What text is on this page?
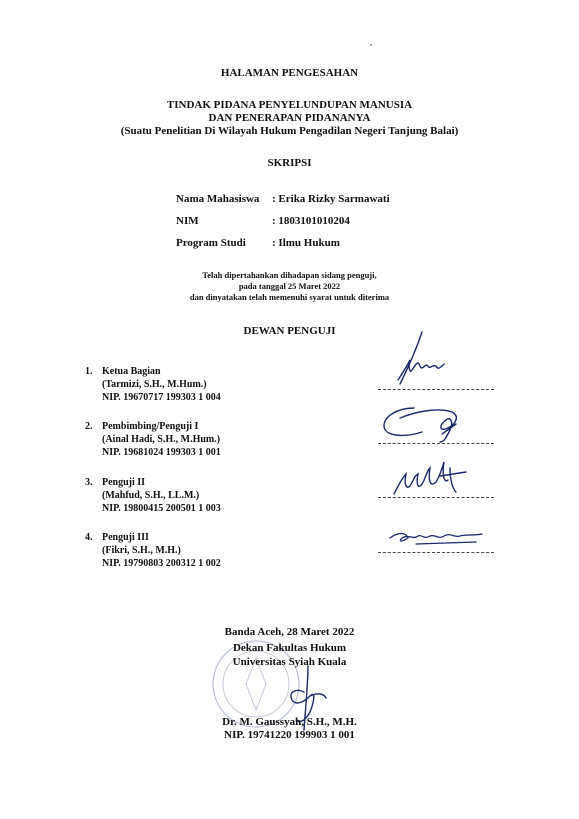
HALAMAN PENGESAHAN
TINDAK PIDANA PENYELUNDUPAN MANUSIA
DAN PENERAPAN PIDANANYA
(Suatu Penelitian Di Wilayah Hukum Pengadilan Negeri Tanjung Balai)
SKRIPSI
Nama Mahasiswa	: Erika Rizky Sarmawati
NIM	: 1803101010204
Program Studi	: Ilmu Hukum
Telah dipertahankan dihadapan sidang penguji,
pada tanggal 25 Maret 2022
dan dinyatakan telah memenuhi syarat untuk diterima
DEWAN PENGUJI
1. Ketua Bagian
(Tarmizi, S.H., M.Hum.)
NIP. 19670717 199303 1 004
2. Pembimbing/Penguji I
(Ainal Hadi, S.H., M.Hum.)
NIP. 19681024 199303 1 001
3. Penguji II
(Mahfud, S.H., LL.M.)
NIP. 19800415 200501 1 003
4. Penguji III
(Fikri, S.H., M.H.)
NIP. 19790803 200312 1 002
Banda Aceh, 28 Maret 2022
Dekan Fakultas Hukum
Universitas Syiah Kuala
Dr. M. Gaussyah, S.H., M.H.
NIP. 19741220 199903 1 001
